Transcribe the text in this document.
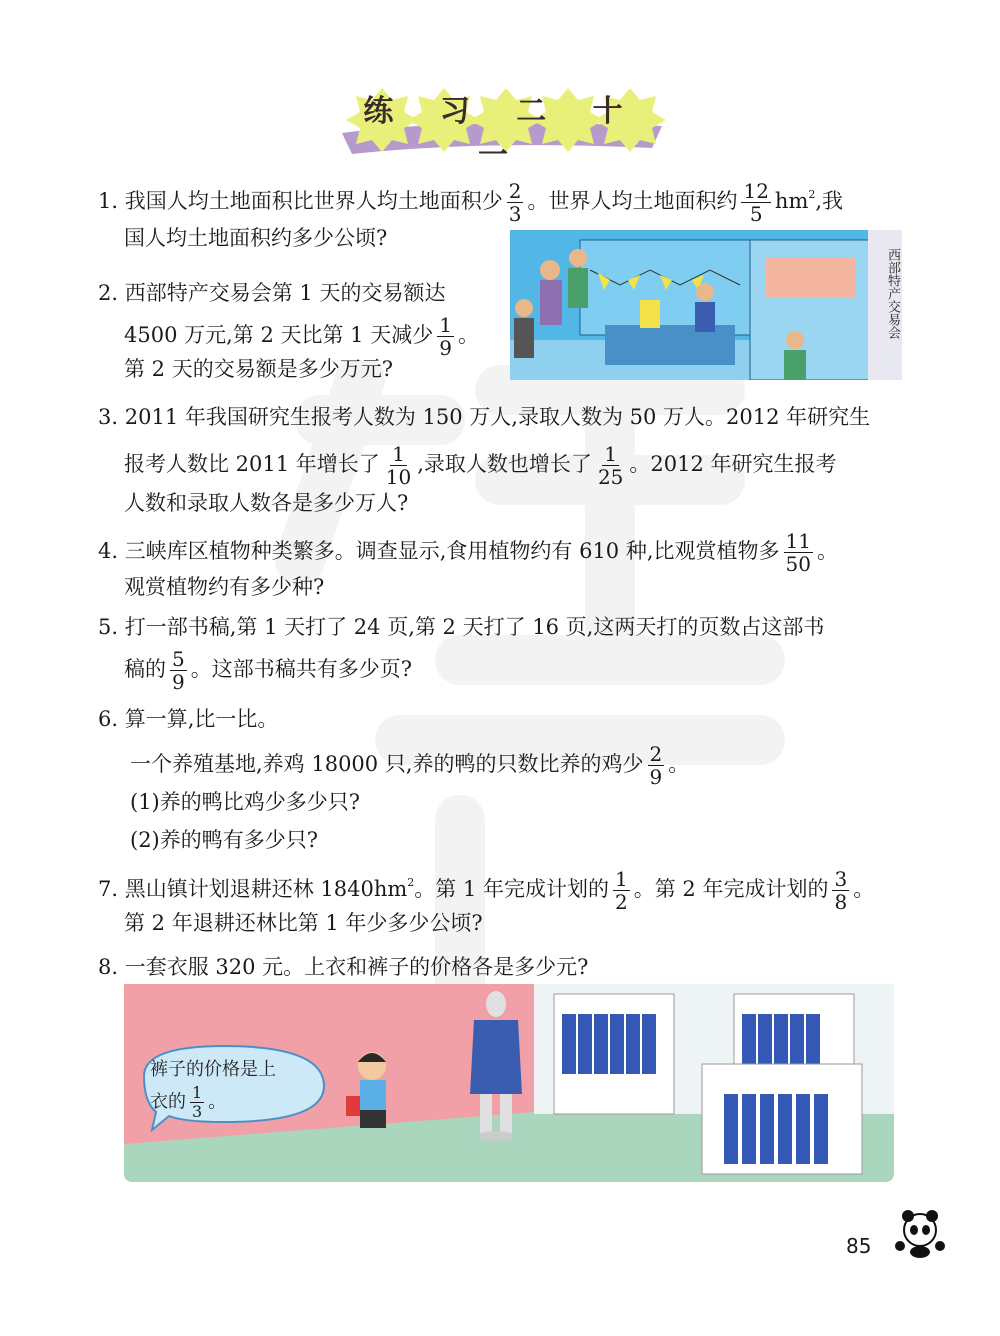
练 习 二 十 一
1. 我国人均土地面积比世界人均土地面积少 $\frac{2}{3}$ 。世界人均土地面积约 $\frac{12}{5} hm^2$,我
国人均土地面积约多少公顷?
2. 西部特产交易会第 1 天的交易额达
4500 万元,第 2 天比第 1 天减少 $\frac{1}{9}$ 。
第 2 天的交易额是多少万元?
西部特产交易会
3. 2011 年我国研究生报考人数为 150 万人,录取人数为 50 万人。2012 年研究生
报考人数比 2011 年增长了 $\frac{1}{10}$ ,录取人数也增长了 $\frac{1}{25}$ 。2012 年研究生报考
人数和录取人数各是多少万人?
4. 三峡库区植物种类繁多。调查显示,食用植物约有 610 种,比观赏植物多 $\frac{11}{50}$ 。
观赏植物约有多少种?
5. 打一部书稿,第 1 天打了 24 页,第 2 天打了 16 页,这两天打的页数占这部书
稿的 $\frac{5}{9}$ 。这部书稿共有多少页?
6. 算一算,比一比。
一个养殖基地,养鸡 18000 只,养的鸭的只数比养的鸡少 $\frac{2}{9}$ 。
(1)养的鸭比鸡少多少只?
(2)养的鸭有多少只?
7. 黑山镇计划退耕还林 $1840hm^2$。第 1 年完成计划的 $\frac{1}{2}$ 。第 2 年完成计划的 $\frac{3}{8}$ 。
第 2 年退耕还林比第 1 年少多少公顷?
8. 一套衣服 320 元。上衣和裤子的价格各是多少元?
裤子的价格是上
衣的 $\frac{1}{3}$ 。
85
